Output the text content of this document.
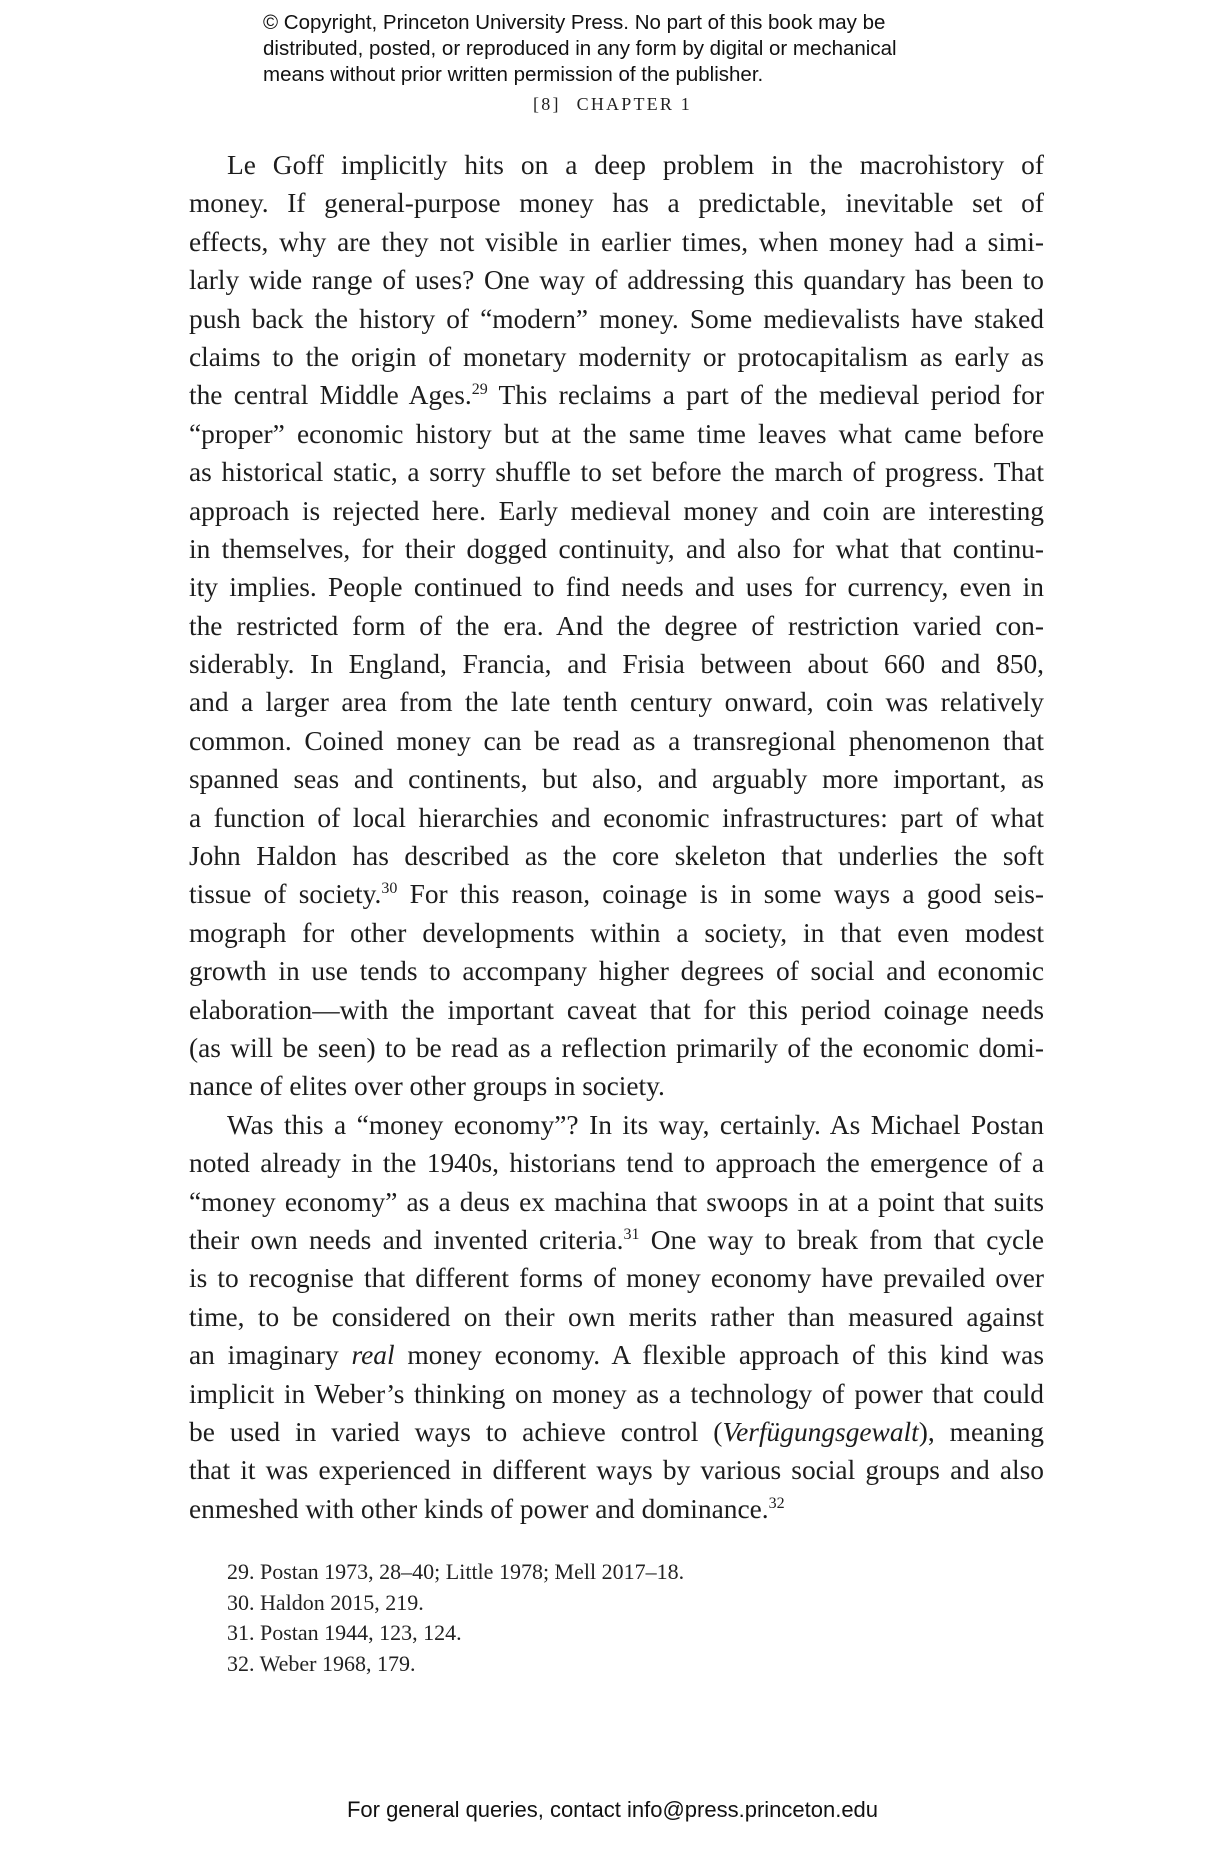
© Copyright, Princeton University Press. No part of this book may be
distributed, posted, or reproduced in any form by digital or mechanical
means without prior written permission of the publisher.
[8] CHAPTER 1
Le Goff implicitly hits on a deep problem in the macrohistory of
money. If general-purpose money has a predictable, inevitable set of
effects, why are they not visible in earlier times, when money had a simi-
larly wide range of uses? One way of addressing this quandary has been to
push back the history of “modern” money. Some medievalists have staked
claims to the origin of monetary modernity or protocapitalism as early as
the central Middle Ages.$^{29}$ This reclaims a part of the medieval period for
“proper” economic history but at the same time leaves what came before
as historical static, a sorry shuffle to set before the march of progress. That
approach is rejected here. Early medieval money and coin are interesting
in themselves, for their dogged continuity, and also for what that continu-
ity implies. People continued to find needs and uses for currency, even in
the restricted form of the era. And the degree of restriction varied con-
siderably. In England, Francia, and Frisia between about 660 and 850,
and a larger area from the late tenth century onward, coin was relatively
common. Coined money can be read as a transregional phenomenon that
spanned seas and continents, but also, and arguably more important, as
a function of local hierarchies and economic infrastructures: part of what
John Haldon has described as the core skeleton that underlies the soft
tissue of society.$^{30}$ For this reason, coinage is in some ways a good seis-
mograph for other developments within a society, in that even modest
growth in use tends to accompany higher degrees of social and economic
elaboration—with the important caveat that for this period coinage needs
(as will be seen) to be read as a reflection primarily of the economic domi-
nance of elites over other groups in society.
Was this a “money economy”? In its way, certainly. As Michael Postan
noted already in the 1940s, historians tend to approach the emergence of a
“money economy” as a deus ex machina that swoops in at a point that suits
their own needs and invented criteria.$^{31}$ One way to break from that cycle
is to recognise that different forms of money economy have prevailed over
time, to be considered on their own merits rather than measured against
an imaginary real money economy. A flexible approach of this kind was
implicit in Weber’s thinking on money as a technology of power that could
be used in varied ways to achieve control (Verfügungsgewalt), meaning
that it was experienced in different ways by various social groups and also
enmeshed with other kinds of power and dominance.$^{32}$
29. Postan 1973, 28–40; Little 1978; Mell 2017–18.
30. Haldon 2015, 219.
31. Postan 1944, 123, 124.
32. Weber 1968, 179.
For general queries, contact info@press.princeton.edu
